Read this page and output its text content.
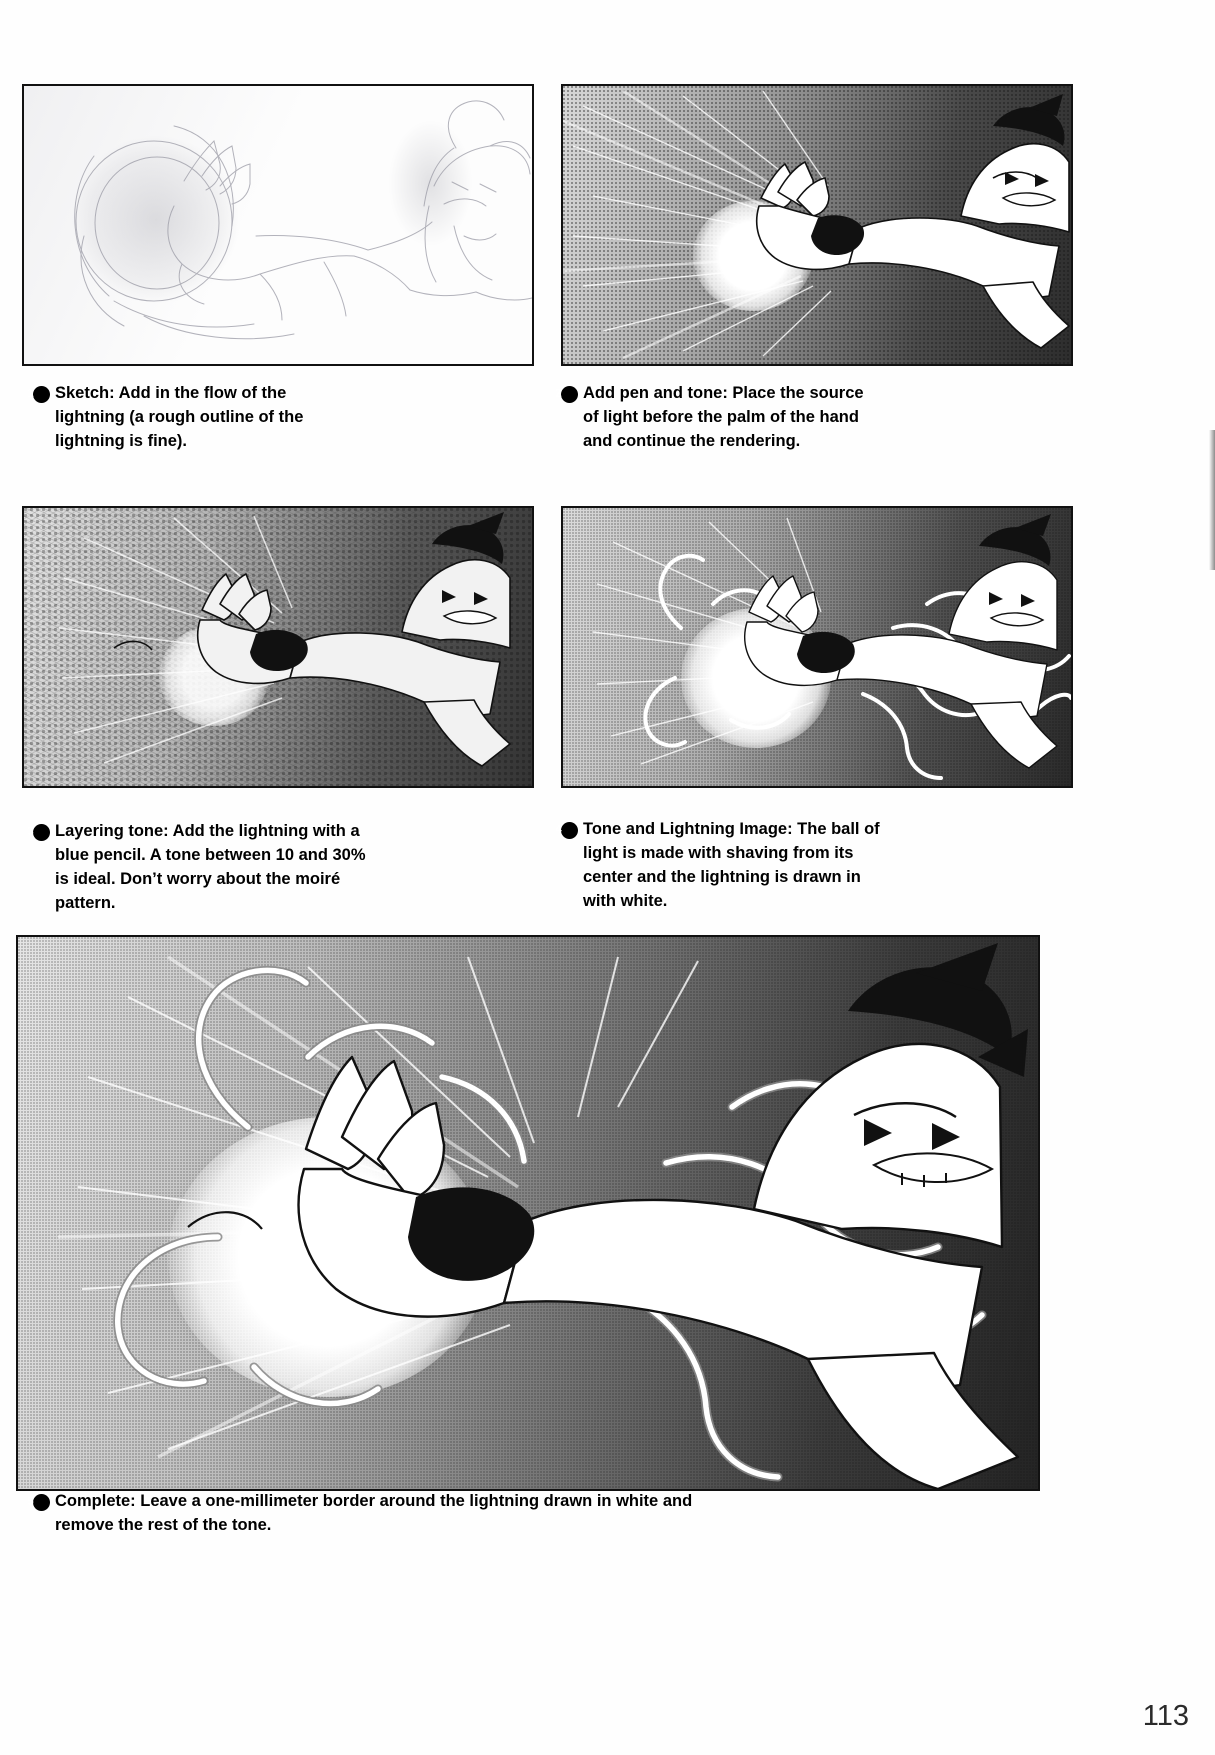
1 Sketch: Add in the flow of the lightning (a rough outline of the lightning is fine).
2 Add pen and tone: Place the source of light before the palm of the hand and continue the rendering.
3 Layering tone: Add the lightning with a blue pencil. A tone between 10 and 30% is ideal. Don’t worry about the moiré pattern.
4 Tone and Lightning Image: The ball of light is made with shaving from its center and the lightning is drawn in with white.
5 Complete: Leave a one-millimeter border around the lightning drawn in white and remove the rest of the tone.
113
